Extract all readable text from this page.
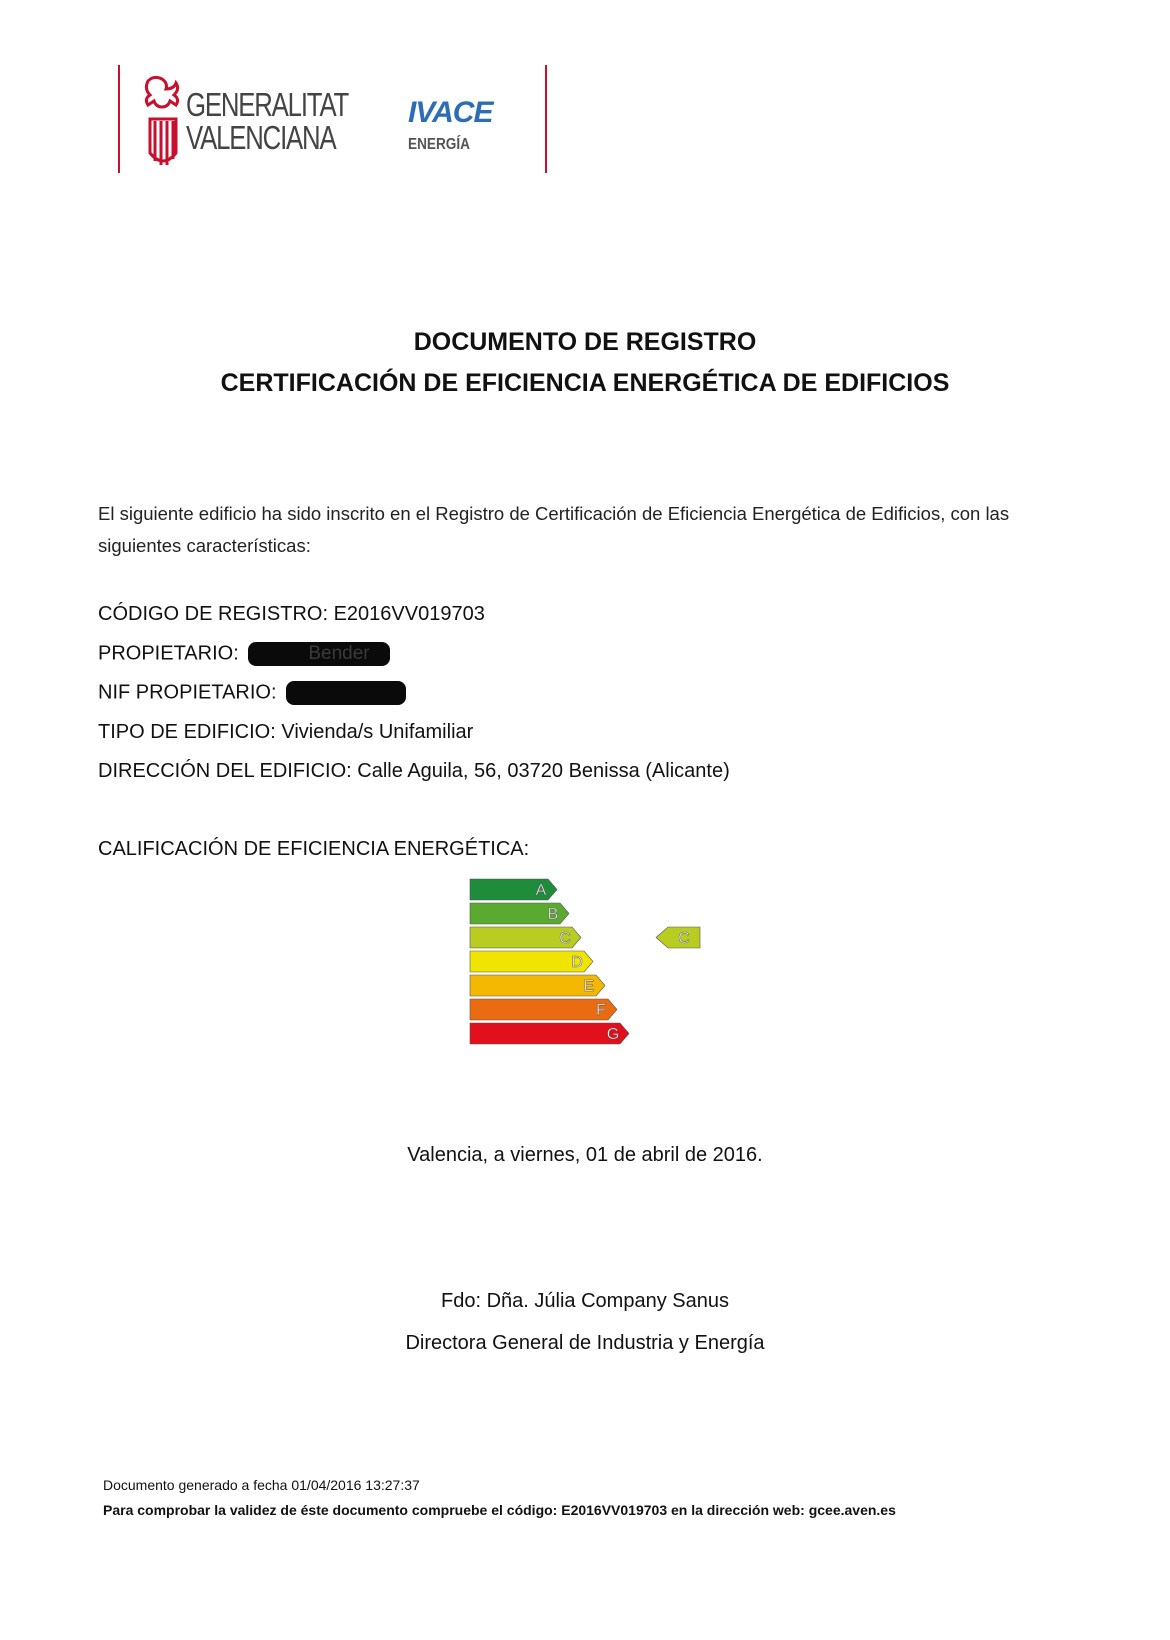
GENERALITAT
VALENCIANA
IVACE
ENERGÍA
DOCUMENTO DE REGISTRO
CERTIFICACIÓN DE EFICIENCIA ENERGÉTICA DE EDIFICIOS
El siguiente edificio ha sido inscrito en el Registro de Certificación de Eficiencia Energética de Edificios, con las
siguientes características:
CÓDIGO DE REGISTRO: E2016VV019703
PROPIETARIO:	Bender
NIF PROPIETARIO:
TIPO DE EDIFICIO: Vivienda/s Unifamiliar
DIRECCIÓN DEL EDIFICIO: Calle Aguila, 56, 03720 Benissa (Alicante)
CALIFICACIÓN DE EFICIENCIA ENERGÉTICA:
A
B
C
D
E
F
G
C
Valencia, a viernes, 01 de abril de 2016.
Fdo: Dña. Júlia Company Sanus
Directora General de Industria y Energía
Documento generado a fecha 01/04/2016 13:27:37
Para comprobar la validez de éste documento compruebe el código: E2016VV019703 en la dirección web: gcee.aven.es
